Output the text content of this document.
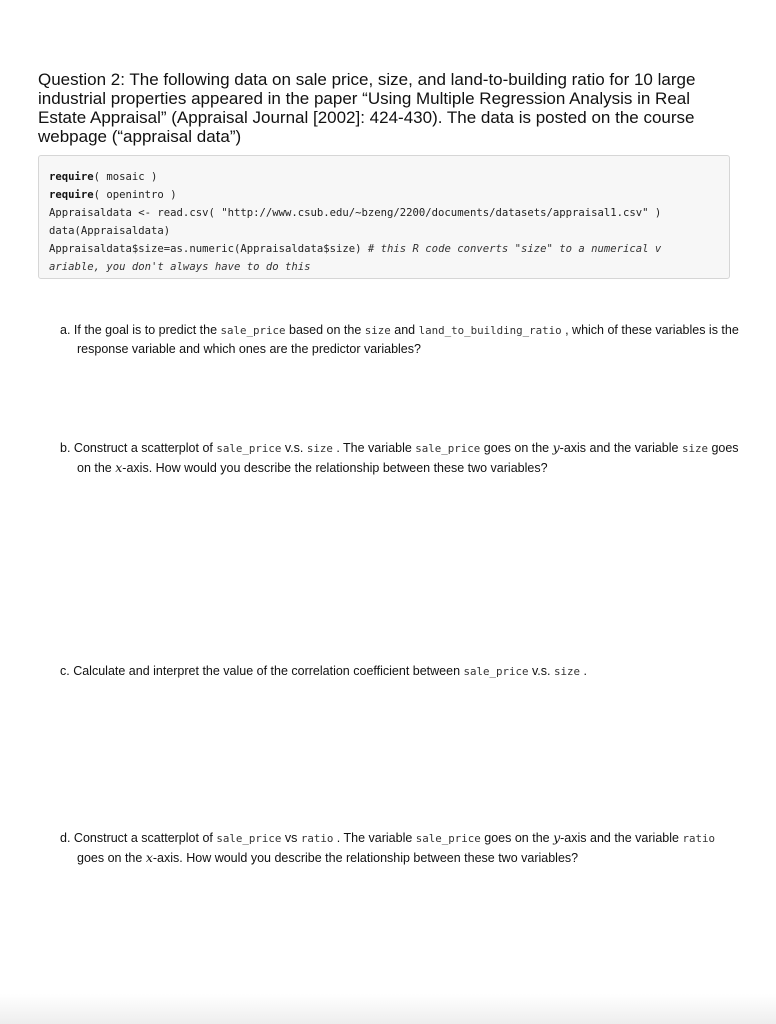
Question 2: The following data on sale price, size, and land-to-building ratio for 10 large industrial properties appeared in the paper “Using Multiple Regression Analysis in Real Estate Appraisal” (Appraisal Journal [2002]: 424-430). The data is posted on the course webpage (“appraisal data”)
require( mosaic )
require( openintro )
Appraisaldata <- read.csv( "http://www.csub.edu/~bzeng/2200/documents/datasets/appraisal1.csv" )
data(Appraisaldata)
Appraisaldata$size=as.numeric(Appraisaldata$size) # this R code converts "size" to a numerical v
ariable, you don't always have to do this

a. If the goal is to predict the sale_price based on the size and land_to_building_ratio , which of these variables is the response variable and which ones are the predictor variables?

b. Construct a scatterplot of sale_price v.s. size . The variable sale_price goes on the y-axis and the variable size goes on the x-axis. How would you describe the relationship between these two variables?

c. Calculate and interpret the value of the correlation coefficient between sale_price v.s. size .

d. Construct a scatterplot of sale_price vs ratio . The variable sale_price goes on the y-axis and the variable ratio goes on the x-axis. How would you describe the relationship between these two variables?
